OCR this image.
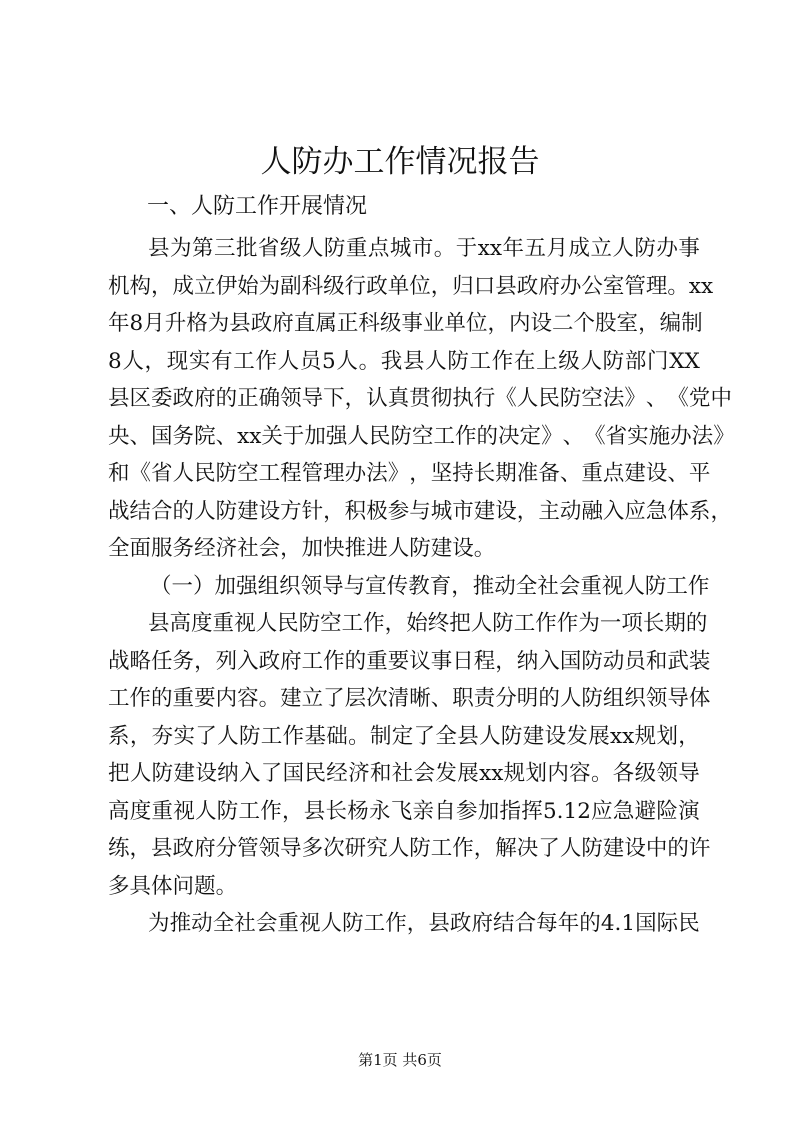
人防办工作情况报告
一、人防工作开展情况
县 为 第 三 批 省 级 人 防 重 点 城 市 。 于 xx 年 五 月 成 立 人 防 办 事
机 构 ， 成 立 伊 始 为 副 科 级 行 政 单 位 ， 归 口 县 政 府 办 公 室 管 理 。 xx
年 8 月 升 格 为 县 政 府 直 属 正 科 级 事 业 单 位 ， 内 设 二 个 股 室 ， 编 制
8 人 ， 现 实 有 工 作 人 员 5 人 。 我 县 人 防 工 作 在 上 级 人 防 部 门 XX
县 区 委 政 府 的 正 确 领 导 下 ， 认 真 贯 彻 执 行 《 人 民 防 空 法 》 、 《 党 中
央 、 国 务 院 、 xx 关 于 加 强 人 民 防 空 工 作 的 决 定 》 、 《 省 实 施 办 法 》
和 《 省 人 民 防 空 工 程 管 理 办 法 》 ， 坚 持 长 期 准 备 、 重 点 建 设 、 平
战 结 合 的 人 防 建 设 方 针 ， 积 极 参 与 城 市 建 设 ， 主 动 融 入 应 急 体 系 ，
全 面 服 务 经 济 社 会 ， 加 快 推 进 人 防 建 设 。
（ 一 ） 加 强 组 织 领 导 与 宣 传 教 育 ， 推 动 全 社 会 重 视 人 防 工 作
县 高 度 重 视 人 民 防 空 工 作 ， 始 终 把 人 防 工 作 作 为 一 项 长 期 的
战 略 任 务 ， 列 入 政 府 工 作 的 重 要 议 事 日 程 ， 纳 入 国 防 动 员 和 武 装
工 作 的 重 要 内 容 。 建 立 了 层 次 清 晰 、 职 责 分 明 的 人 防 组 织 领 导 体
系 ， 夯 实 了 人 防 工 作 基 础 。 制 定 了 全 县 人 防 建 设 发 展 xx 规 划 ，
把 人 防 建 设 纳 入 了 国 民 经 济 和 社 会 发 展 xx 规 划 内 容 。 各 级 领 导
高 度 重 视 人 防 工 作 ， 县 长 杨 永 飞 亲 自 参 加 指 挥 5.12 应 急 避 险 演
练 ， 县 政 府 分 管 领 导 多 次 研 究 人 防 工 作 ， 解 决 了 人 防 建 设 中 的 许
多 具 体 问 题 。
为 推 动 全 社 会 重 视 人 防 工 作 ， 县 政 府 结 合 每 年 的 4.1 国 际 民
第1页 共6页
